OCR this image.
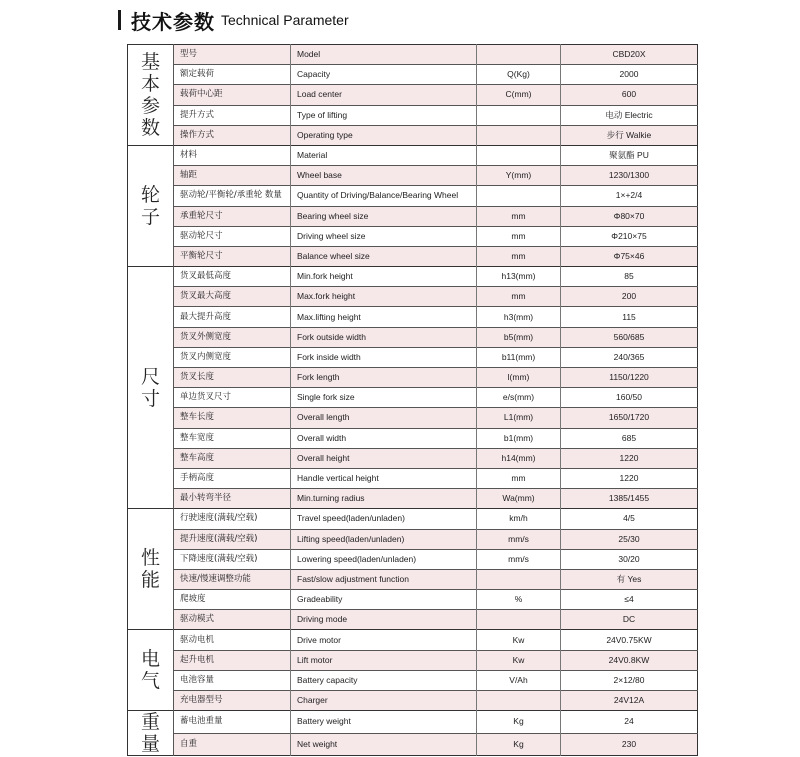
技术参数 Technical Parameter
基本参数	型号	Model		CBD20X
	额定载荷	Capacity	Q(Kg)	2000
	载荷中心距	Load center	C(mm)	600
	提升方式	Type of lifting		电动 Electric
	操作方式	Operating type		步行 Walkie
轮子	材料	Material		聚氨酯 PU
	轴距	Wheel base	Y(mm)	1230/1300
	驱动轮/平衡轮/承重轮 数量	Quantity of Driving/Balance/Bearing Wheel		1×+2/4
	承重轮尺寸	Bearing wheel size	mm	Φ80×70
	驱动轮尺寸	Driving wheel size	mm	Φ210×75
	平衡轮尺寸	Balance wheel size	mm	Φ75×46
尺寸	货叉最低高度	Min.fork height	h13(mm)	85
	货叉最大高度	Max.fork height	mm	200
	最大提升高度	Max.lifting height	h3(mm)	115
	货叉外侧宽度	Fork outside width	b5(mm)	560/685
	货叉内侧宽度	Fork inside width	b11(mm)	240/365
	货叉长度	Fork length	l(mm)	1150/1220
	单边货叉尺寸	Single fork size	e/s(mm)	160/50
	整车长度	Overall length	L1(mm)	1650/1720
	整车宽度	Overall width	b1(mm)	685
	整车高度	Overall height	h14(mm)	1220
	手柄高度	Handle vertical height	mm	1220
	最小转弯半径	Min.turning radius	Wa(mm)	1385/1455
性能	行驶速度(满载/空载)	Travel speed(laden/unladen)	km/h	4/5
	提升速度(满载/空载)	Lifting speed(laden/unladen)	mm/s	25/30
	下降速度(满载/空载)	Lowering speed(laden/unladen)	mm/s	30/20
	快速/慢速调整功能	Fast/slow adjustment function		有 Yes
	爬坡度	Gradeability	%	≤4
	驱动模式	Driving mode		DC
电气	驱动电机	Drive motor	Kw	24V0.75KW
	起升电机	Lift motor	Kw	24V0.8KW
	电池容量	Battery capacity	V/Ah	2×12/80
	充电器型号	Charger		24V12A
重量	蓄电池重量	Battery weight	Kg	24
	自重	Net weight	Kg	230
